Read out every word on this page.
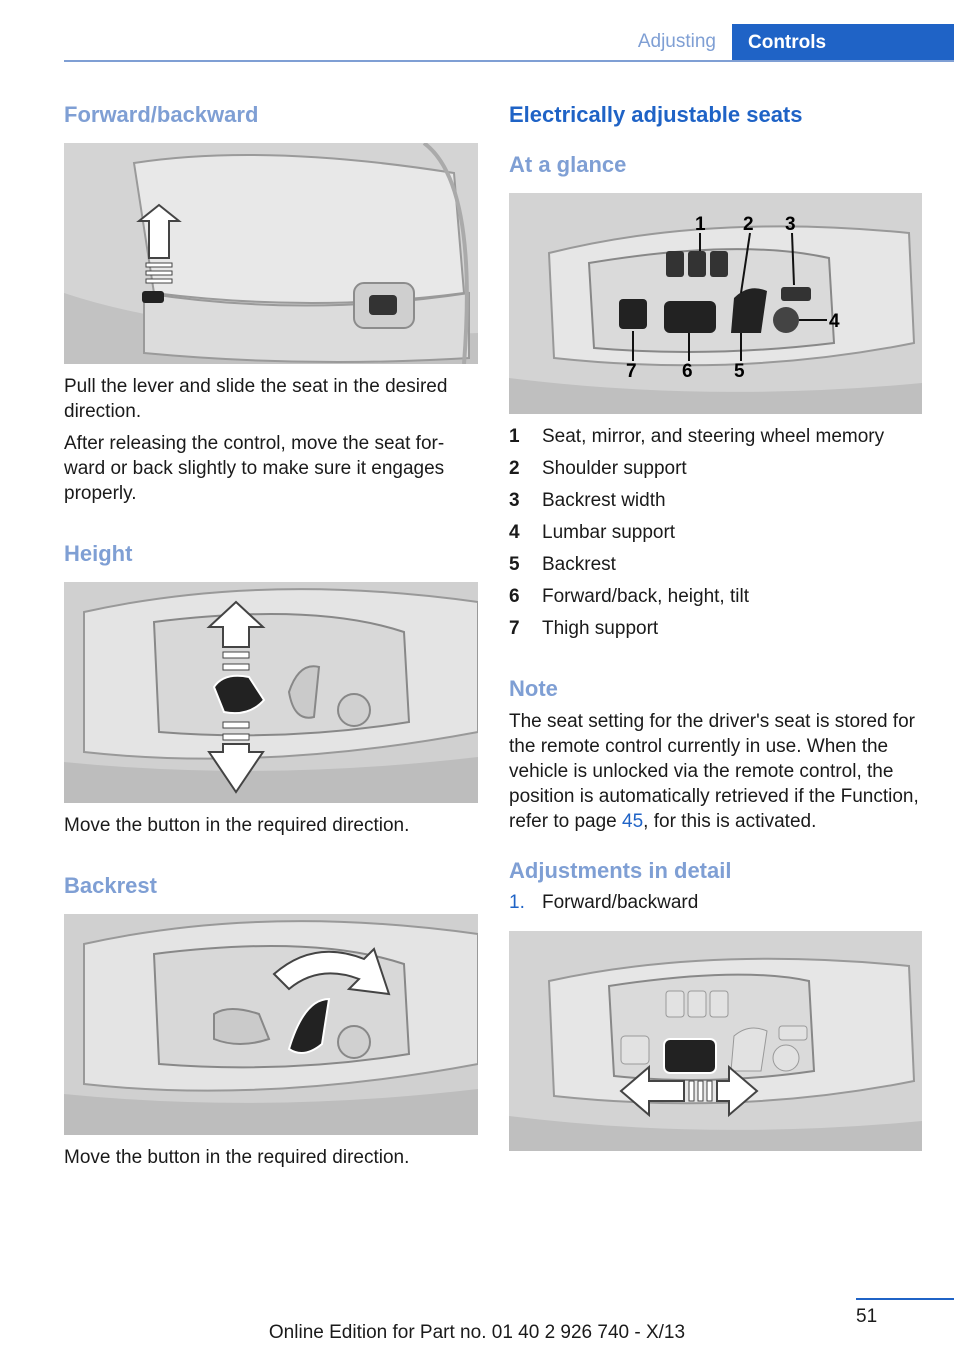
Adjusting	Controls
Forward/backward
Pull the lever and slide the seat in the desired direction.
After releasing the control, move the seat for-ward or back slightly to make sure it engages properly.
Height
Move the button in the required direction.
Backrest
Move the button in the required direction.
Electrically adjustable seats
At a glance
1 2 3
4
7 6 5
1	Seat, mirror, and steering wheel memory
2	Shoulder support
3	Backrest width
4	Lumbar support
5	Backrest
6	Forward/back, height, tilt
7	Thigh support
Note
The seat setting for the driver's seat is stored for the remote control currently in use. When the vehicle is unlocked via the remote control, the position is automatically retrieved if the Function, refer to page 45, for this is activated.
Adjustments in detail
1. Forward/backward
51
Online Edition for Part no. 01 40 2 926 740 - X/13
